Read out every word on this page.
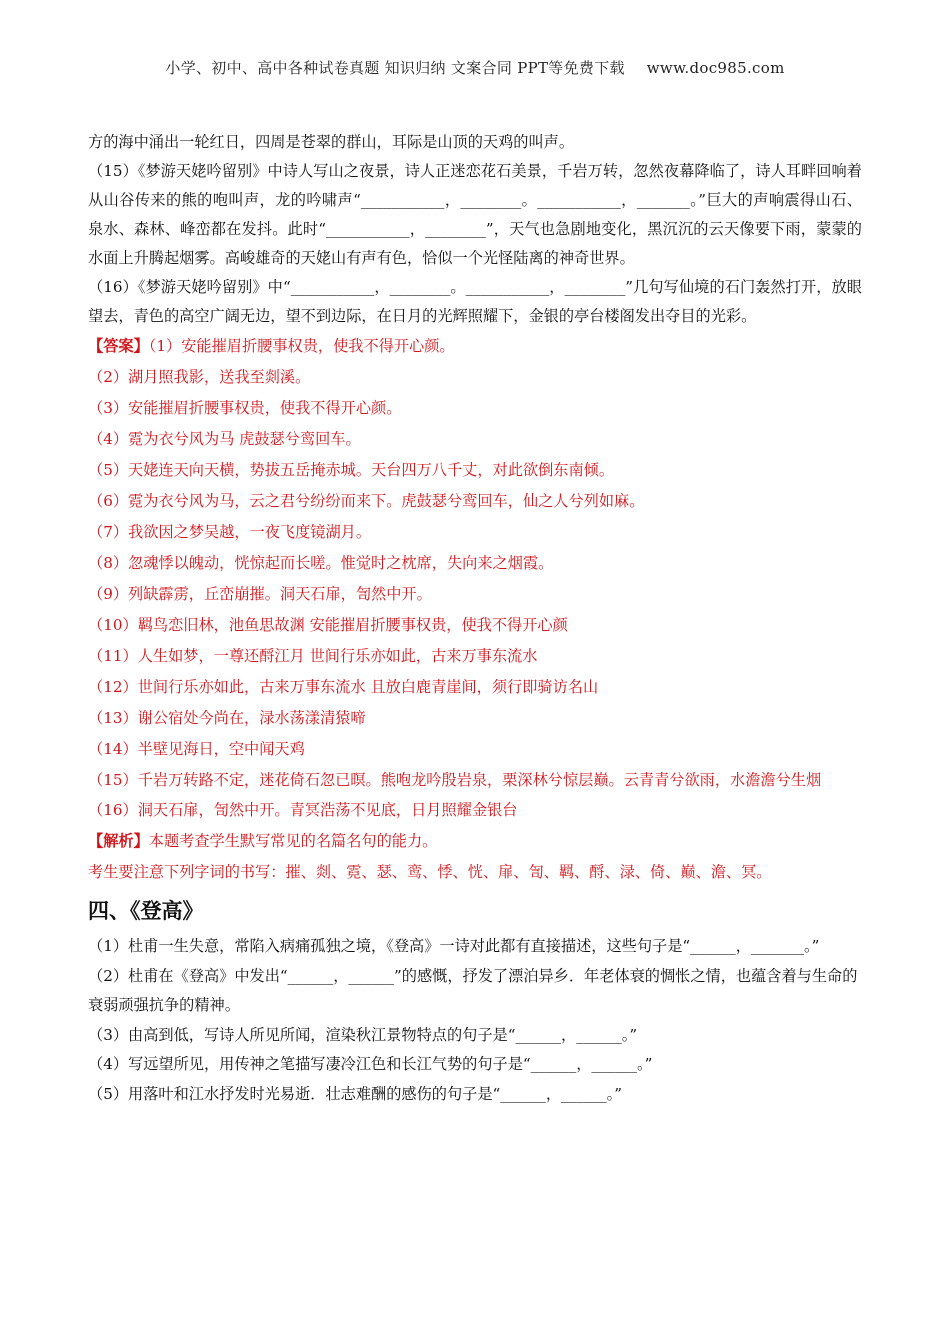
小学、初中、高中各种试卷真题 知识归纳 文案合同 PPT等免费下载 www.doc985.com

方的海中涌出一轮红日，四周是苍翠的群山，耳际是山顶的天鸡的叫声。

（15）《梦游天姥吟留别》中诗人写山之夜景，诗人正迷恋花石美景，千岩万转，忽然夜幕降临了，诗人耳畔回响着从山谷传来的熊的咆叫声，龙的吟啸声“___________，________。___________，_______。”巨大的声响震得山石、泉水、森林、峰峦都在发抖。此时“___________，________”，天气也急剧地变化，黑沉沉的云天像要下雨，蒙蒙的水面上升腾起烟雾。高峻雄奇的天姥山有声有色，恰似一个光怪陆离的神奇世界。

（16）《梦游天姥吟留别》中“___________，________。___________，________”几句写仙境的石门轰然打开，放眼望去，青色的高空广阔无边，望不到边际，在日月的光辉照耀下，金银的亭台楼阁发出夺目的光彩。

【答案】（1）安能摧眉折腰事权贵，使我不得开心颜。

（2）湖月照我影，送我至剡溪。

（3）安能摧眉折腰事权贵，使我不得开心颜。

（4）霓为衣兮风为马 虎鼓瑟兮鸾回车。

（5）天姥连天向天横，势拔五岳掩赤城。天台四万八千丈，对此欲倒东南倾。

（6）霓为衣兮风为马，云之君兮纷纷而来下。虎鼓瑟兮鸾回车，仙之人兮列如麻。

（7）我欲因之梦吴越，一夜飞度镜湖月。

（8）忽魂悸以魄动，恍惊起而长嗟。惟觉时之枕席，失向来之烟霞。

（9）列缺霹雳，丘峦崩摧。洞天石扉，訇然中开。

（10）羁鸟恋旧林，池鱼思故渊 安能摧眉折腰事权贵，使我不得开心颜

（11）人生如梦，一尊还酹江月 世间行乐亦如此，古来万事东流水

（12）世间行乐亦如此，古来万事东流水 且放白鹿青崖间，须行即骑访名山

（13）谢公宿处今尚在，渌水荡漾清猿啼

（14）半壁见海日，空中闻天鸡

（15）千岩万转路不定，迷花倚石忽已暝。熊咆龙吟殷岩泉，栗深林兮惊层巅。云青青兮欲雨，水澹澹兮生烟

（16）洞天石扉，訇然中开。青冥浩荡不见底，日月照耀金银台

【解析】本题考查学生默写常见的名篇名句的能力。

考生要注意下列字词的书写：摧、剡、霓、瑟、鸾、悸、恍、扉、訇、羁、酹、渌、倚、巅、澹、冥。

四、《登高》

（1）杜甫一生失意，常陷入病痛孤独之境，《登高》一诗对此都有直接描述，这些句子是“______，_______。”

（2）杜甫在《登高》中发出“______，______”的感慨，抒发了漂泊异乡．年老体衰的惆怅之情，也蕴含着与生命的衰弱顽强抗争的精神。

（3）由高到低，写诗人所见所闻，渲染秋江景物特点的句子是“______，______。”

（4）写远望所见，用传神之笔描写凄冷江色和长江气势的句子是“______，______。”

（5）用落叶和江水抒发时光易逝．壮志难酬的感伤的句子是“______，______。”
